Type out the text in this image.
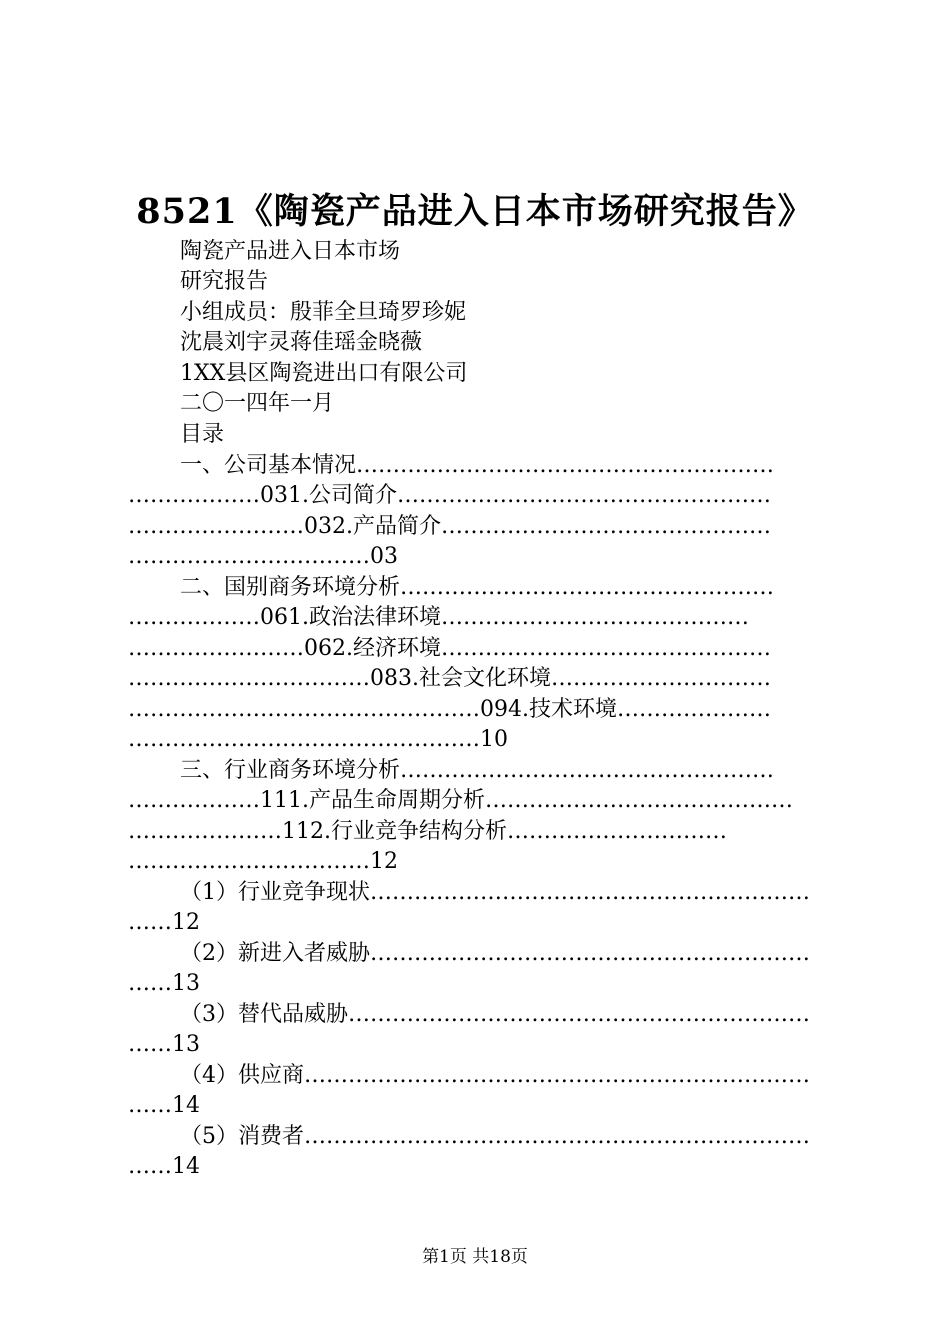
8521《陶瓷产品进入日本市场研究报告》
陶瓷产品进入日本市场
研究报告
小组成员：殷菲全旦琦罗珍妮
沈晨刘宇灵蒋佳瑶金晓薇
1XX县区陶瓷进出口有限公司
二〇一四年一月
目录
一、公司基本情况…………………………………………………
………………031.公司简介……………………………………………
……………………032.产品简介………………………………………
……………………………03
二、国别商务环境分析……………………………………………
………………061.政治法律环境……………………………………
……………………062.经济环境………………………………………
……………………………083.社会文化环境…………………………
…………………………………………094.技术环境…………………
…………………………………………10
三、行业商务环境分析……………………………………………
………………111.产品生命周期分析……………………………………
…………………112.行业竞争结构分析…………………………
……………………………12
（1）行业竞争现状……………………………………………………
……12
（2）新进入者威胁……………………………………………………
……13
（3）替代品威胁………………………………………………………
……13
（4）供应商……………………………………………………………
……14
（5）消费者……………………………………………………………
……14
第1页 共18页
